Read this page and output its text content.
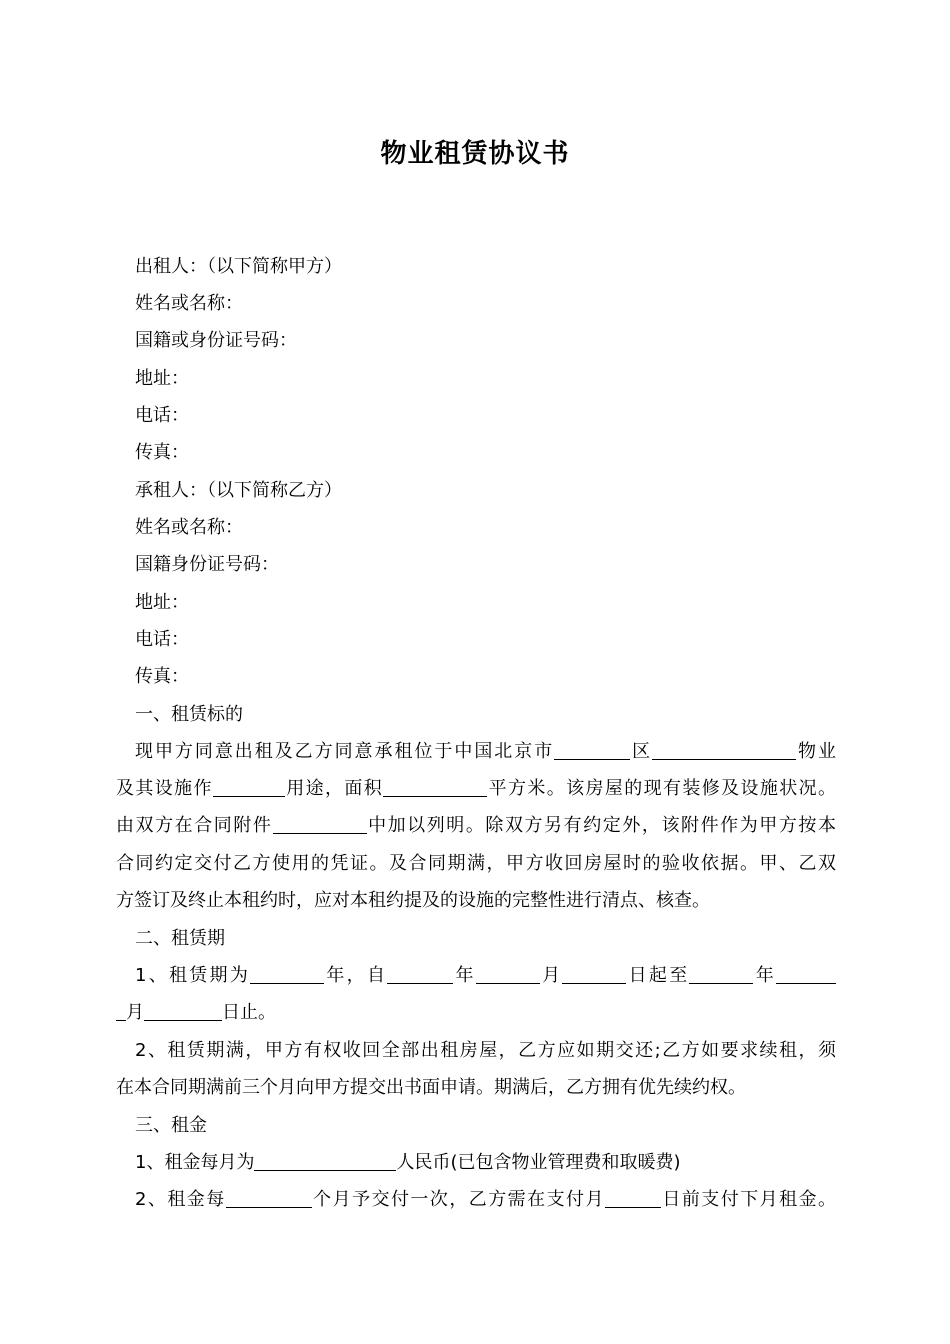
物业租赁协议书
出租人：（以下简称甲方）
姓名或名称：
国籍或身份证号码：
地址：
电话：
传真：
承租人：（以下简称乙方）
姓名或名称：
国籍身份证号码：
地址：
电话：
传真：
一、租赁标的
现甲方同意出租及乙方同意承租位于中国北京市	区	物业
及其设施作	用途，面积	平方米。该房屋的现有装修及设施状况。
由双方在合同附件	中加以列明。除双方另有约定外，该附件作为甲方按本
合同约定交付乙方使用的凭证。及合同期满，甲方收回房屋时的验收依据。甲、乙双
方签订及终止本租约时，应对本租约提及的设施的完整性进行清点、核查。
二、租赁期
1、租赁期为	年，自	年	月	日起至	年
月	日止。
2、租赁期满，甲方有权收回全部出租房屋，乙方应如期交还;乙方如要求续租，须
在本合同期满前三个月向甲方提交出书面申请。期满后，乙方拥有优先续约权。
三、租金
1、租金每月为	人民币(已包含物业管理费和取暖费)
2、租金每	个月予交付一次，乙方需在支付月	日前支付下月租金。
